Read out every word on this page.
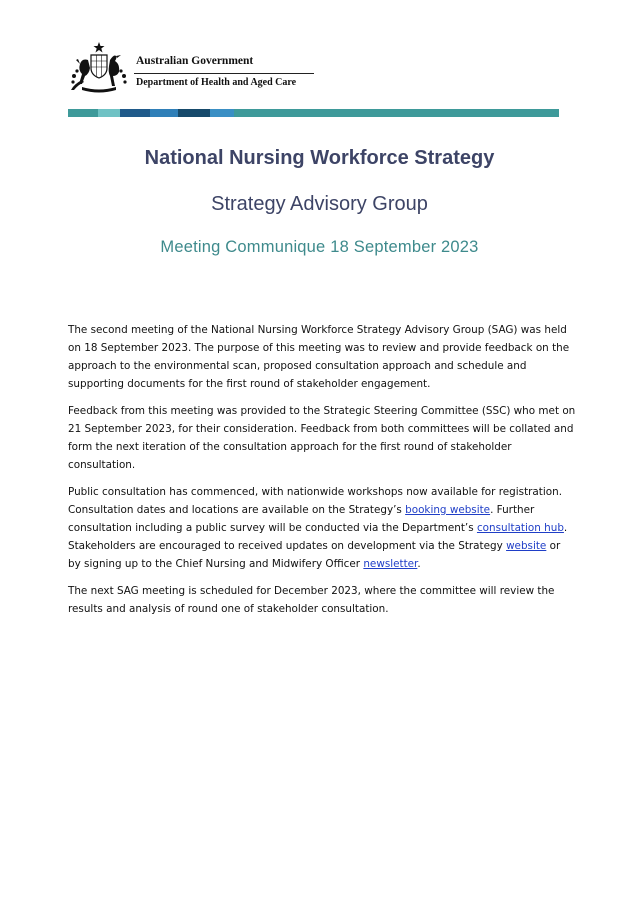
Australian Government
Department of Health and Aged Care
National Nursing Workforce Strategy
Strategy Advisory Group
Meeting Communique 18 September 2023

The second meeting of the National Nursing Workforce Strategy Advisory Group (SAG) was held on 18 September 2023. The purpose of this meeting was to review and provide feedback on the approach to the environmental scan, proposed consultation approach and schedule and supporting documents for the first round of stakeholder engagement.

Feedback from this meeting was provided to the Strategic Steering Committee (SSC) who met on 21 September 2023, for their consideration. Feedback from both committees will be collated and form the next iteration of the consultation approach for the first round of stakeholder consultation.

Public consultation has commenced, with nationwide workshops now available for registration. Consultation dates and locations are available on the Strategy’s booking website. Further consultation including a public survey will be conducted via the Department’s consultation hub. Stakeholders are encouraged to received updates on development via the Strategy website or by signing up to the Chief Nursing and Midwifery Officer newsletter.

The next SAG meeting is scheduled for December 2023, where the committee will review the results and analysis of round one of stakeholder consultation.
